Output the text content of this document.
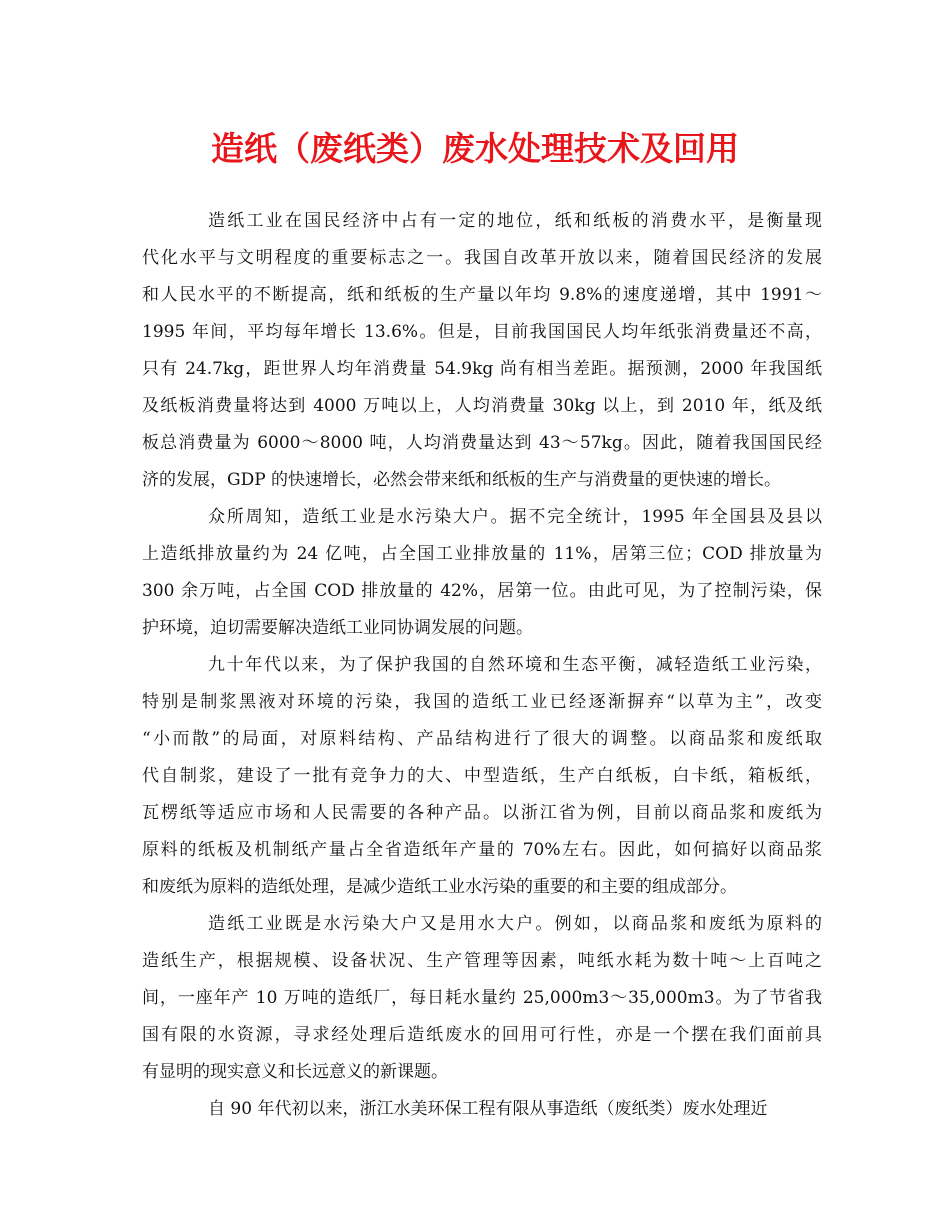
造纸（废纸类）废水处理技术及回用

造纸工业在国民经济中占有一定的地位，纸和纸板的消费水平，是衡量现
代化水平与文明程度的重要标志之一。我国自改革开放以来，随着国民经济的发展
和人民水平的不断提高，纸和纸板的生产量以年均 9.8%的速度递增，其中 1991～
1995 年间，平均每年增长 13.6%。但是，目前我国国民人均年纸张消费量还不高，
只有 24.7kg，距世界人均年消费量 54.9kg 尚有相当差距。据预测，2000 年我国纸
及纸板消费量将达到 4000 万吨以上，人均消费量 30kg 以上，到 2010 年，纸及纸
板总消费量为 6000～8000 吨，人均消费量达到 43～57kg。因此，随着我国国民经
济的发展，GDP 的快速增长，必然会带来纸和纸板的生产与消费量的更快速的增长。

众所周知，造纸工业是水污染大户。据不完全统计，1995 年全国县及县以
上造纸排放量约为 24 亿吨，占全国工业排放量的 11%，居第三位；COD 排放量为
300 余万吨，占全国 COD 排放量的 42%，居第一位。由此可见，为了控制污染，保
护环境，迫切需要解决造纸工业同协调发展的问题。

九十年代以来，为了保护我国的自然环境和生态平衡，减轻造纸工业污染，
特别是制浆黑液对环境的污染，我国的造纸工业已经逐渐摒弃“以草为主”，改变
“小而散”的局面，对原料结构、产品结构进行了很大的调整。以商品浆和废纸取
代自制浆，建设了一批有竞争力的大、中型造纸，生产白纸板，白卡纸，箱板纸，
瓦楞纸等适应市场和人民需要的各种产品。以浙江省为例，目前以商品浆和废纸为
原料的纸板及机制纸产量占全省造纸年产量的 70%左右。因此，如何搞好以商品浆
和废纸为原料的造纸处理，是减少造纸工业水污染的重要的和主要的组成部分。

造纸工业既是水污染大户又是用水大户。例如，以商品浆和废纸为原料的
造纸生产，根据规模、设备状况、生产管理等因素，吨纸水耗为数十吨～上百吨之
间，一座年产 10 万吨的造纸厂，每日耗水量约 25,000m3～35,000m3。为了节省我
国有限的水资源，寻求经处理后造纸废水的回用可行性，亦是一个摆在我们面前具
有显明的现实意义和长远意义的新课题。

自 90 年代初以来，浙江水美环保工程有限从事造纸（废纸类）废水处理近
